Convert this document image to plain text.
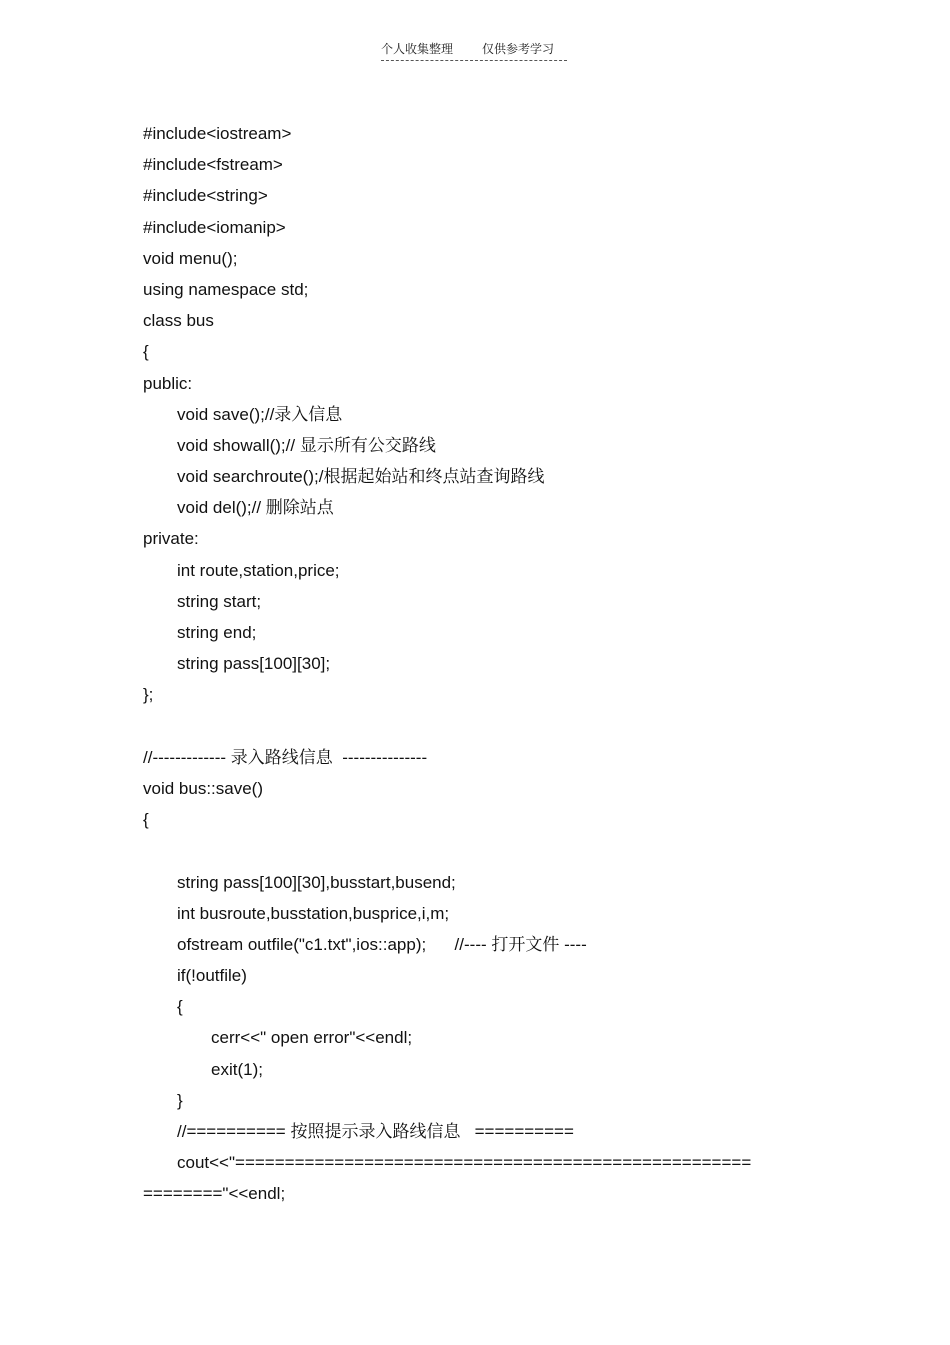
个人收集整理 仅供参考学习
#include<iostream>
#include<fstream>
#include<string>
#include<iomanip>
void menu();
using namespace std;
class bus
{
public:
void save();//录入信息
void showall();// 显示所有公交路线
void searchroute();/根据起始站和终点站查询路线
void del();// 删除站点
private:
int route,station,price;
string start;
string end;
string pass[100][30];
};
//------------- 录入路线信息  ---------------
void bus::save()
{
string pass[100][30],busstart,busend;
int busroute,busstation,busprice,i,m;
ofstream outfile("c1.txt",ios::app);      //---- 打开文件 ----
if(!outfile)
{
cerr<<" open error"<<endl;
exit(1);
}
//========== 按照提示录入路线信息   ==========
cout<<"====================================================
========"<<endl;
